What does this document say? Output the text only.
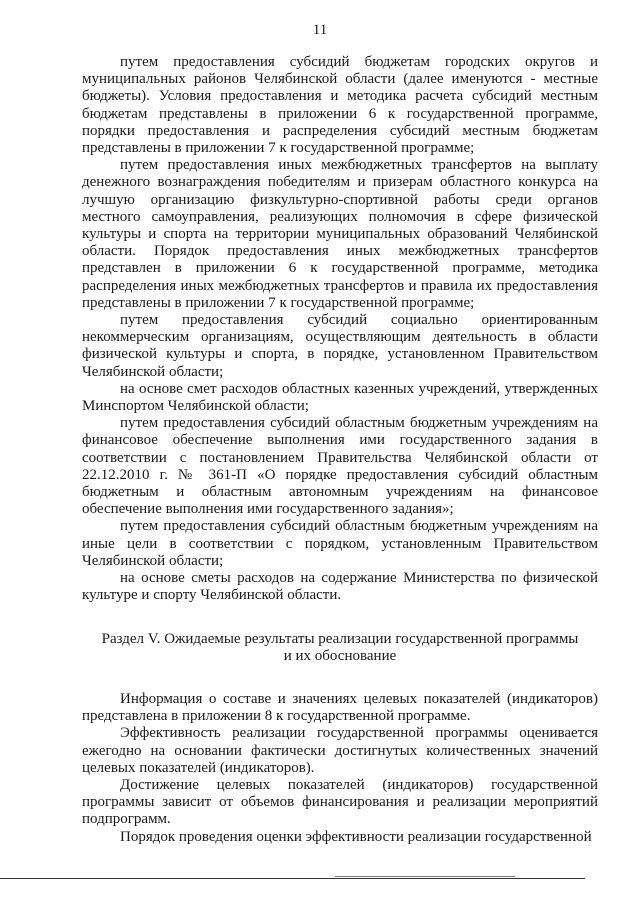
11

путем предоставления субсидий бюджетам городских округов и муниципальных районов Челябинской области (далее именуются - местные бюджеты). Условия предоставления и методика расчета субсидий местным бюджетам представлены в приложении 6 к государственной программе, порядки предоставления и распределения субсидий местным бюджетам представлены в приложении 7 к государственной программе;

путем предоставления иных межбюджетных трансфертов на выплату денежного вознаграждения победителям и призерам областного конкурса на лучшую организацию физкультурно-спортивной работы среди органов местного самоуправления, реализующих полномочия в сфере физической культуры и спорта на территории муниципальных образований Челябинской области. Порядок предоставления иных межбюджетных трансфертов представлен в приложении 6 к государственной программе, методика распределения иных межбюджетных трансфертов и правила их предоставления представлены в приложении 7 к государственной программе;

путем предоставления субсидий социально ориентированным некоммерческим организациям, осуществляющим деятельность в области физической культуры и спорта, в порядке, установленном Правительством Челябинской области;

на основе смет расходов областных казенных учреждений, утвержденных Минспортом Челябинской области;

путем предоставления субсидий областным бюджетным учреждениям на финансовое обеспечение выполнения ими государственного задания в соответствии с постановлением Правительства Челябинской области от 22.12.2010 г. № 361-П «О порядке предоставления субсидий областным бюджетным и областным автономным учреждениям на финансовое обеспечение выполнения ими государственного задания»;

путем предоставления субсидий областным бюджетным учреждениям на иные цели в соответствии с порядком, установленным Правительством Челябинской области;

на основе сметы расходов на содержание Министерства по физической культуре и спорту Челябинской области.

Раздел V. Ожидаемые результаты реализации государственной программы
и их обоснование

Информация о составе и значениях целевых показателей (индикаторов) представлена в приложении 8 к государственной программе.

Эффективность реализации государственной программы оценивается ежегодно на основании фактически достигнутых количественных значений целевых показателей (индикаторов).

Достижение целевых показателей (индикаторов) государственной программы зависит от объемов финансирования и реализации мероприятий подпрограмм.

Порядок проведения оценки эффективности реализации государственной
